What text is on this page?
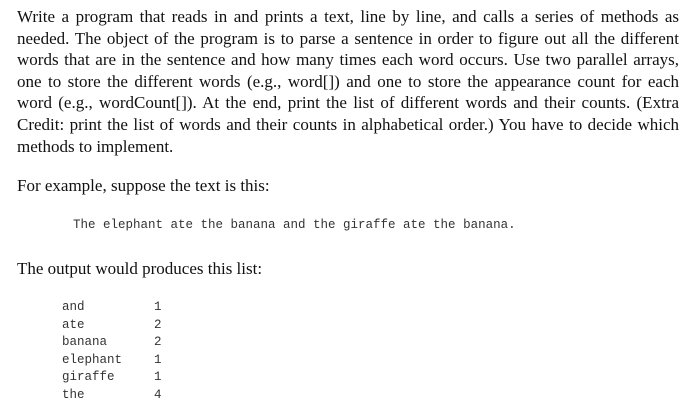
Write a program that reads in and prints a text, line by line, and calls a series of methods as needed. The object of the program is to parse a sentence in order to figure out all the different words that are in the sentence and how many times each word occurs. Use two parallel arrays, one to store the different words (e.g., word[]) and one to store the appearance count for each word (e.g., wordCount[]). At the end, print the list of different words and their counts. (Extra Credit: print the list of words and their counts in alphabetical order.) You have to decide which methods to implement.

For example, suppose the text is this:

The elephant ate the banana and the giraffe ate the banana.

The output would produces this list:

and	1
ate	2
banana	2
elephant	1
giraffe	1
the	4
